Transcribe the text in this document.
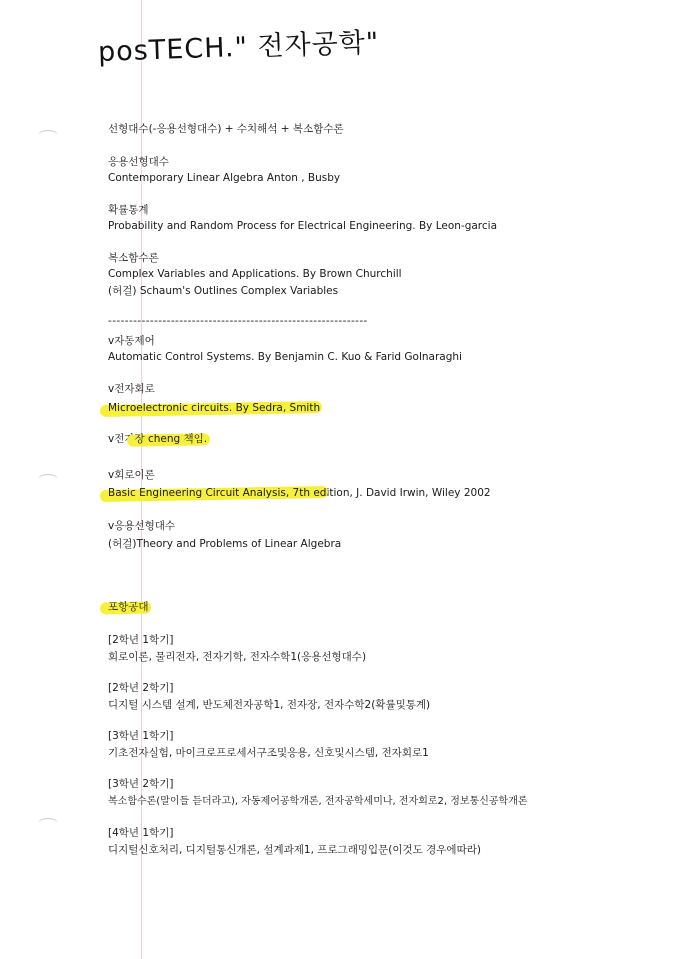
posTECH." 전자공학"
선형대수(-응용선형대수) + 수치해석 + 복소함수론
응용선형대수
Contemporary Linear Algebra Anton , Busby
확률통계
Probability and Random Process for Electrical Engineering. By Leon-garcia
복소함수론
Complex Variables and Applications. By Brown Churchill
(허걸) Schaum's Outlines Complex Variables
--------------------------------------------------------------
v자동제어
Automatic Control Systems. By Benjamin C. Kuo & Farid Golnaraghi
v전자회로
Microelectronic circuits. By Sedra, Smith
v전자장 cheng 책임.
v회로이론
Basic Engineering Circuit Analysis, 7th edition, J. David Irwin, Wiley 2002
v응용선형대수
(허걸)Theory and Problems of Linear Algebra
포항공대
[2학년 1학기]
회로이론, 물리전자, 전자기학, 전자수학1(응용선형대수)
[2학년 2학기]
디지털 시스템 설계, 반도체전자공학1, 전자장, 전자수학2(확률및통계)
[3학년 1학기]
기초전자실험, 마이크로프로세서구조및응용, 신호및시스템, 전자회로1
[3학년 2학기]
복소함수론(말이들 듣더라고), 자동제어공학개론, 전자공학세미나, 전자회로2, 정보통신공학개론
[4학년 1학기]
디지털신호처리, 디지털통신개론, 설계과제1, 프로그래밍입문(이것도 경우에따라)
